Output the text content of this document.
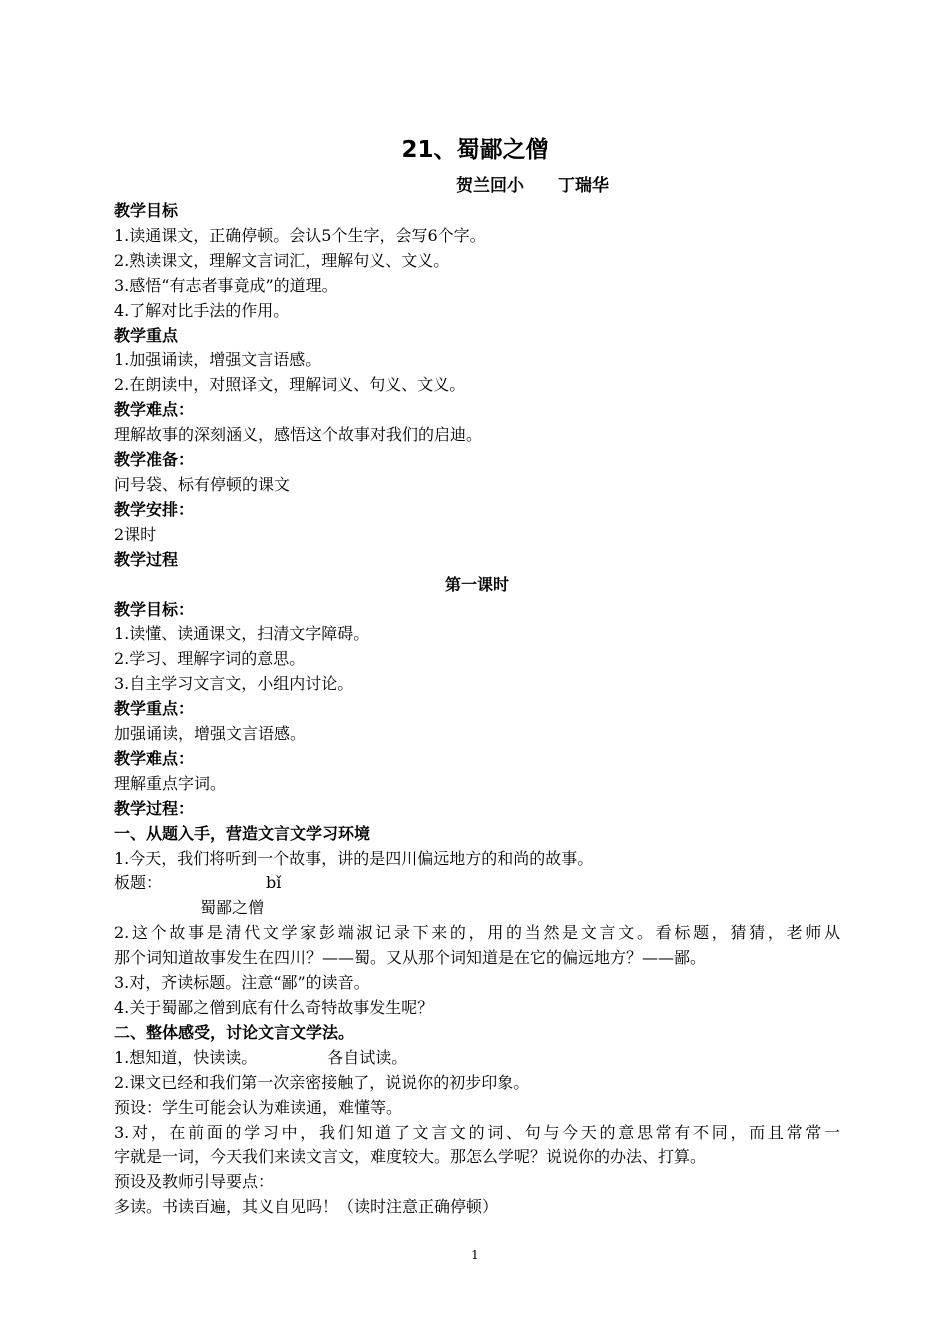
21、蜀鄙之僧
贺兰回小　　丁瑞华
教学目标
1.读通课文，正确停顿。会认5个生字，会写6个字。
2.熟读课文，理解文言词汇，理解句义、文义。
3.感悟“有志者事竟成”的道理。
4.了解对比手法的作用。
教学重点
1.加强诵读，增强文言语感。
2.在朗读中，对照译文，理解词义、句义、文义。
教学难点：
理解故事的深刻涵义，感悟这个故事对我们的启迪。
教学准备：
问号袋、标有停顿的课文
教学安排：
2课时
教学过程
第一课时
教学目标：
1.读懂、读通课文，扫清文字障碍。
2.学习、理解字词的意思。
3.自主学习文言文，小组内讨论。
教学重点：
加强诵读，增强文言语感。
教学难点：
理解重点字词。
教学过程：
一、从题入手，营造文言文学习环境
1.今天，我们将听到一个故事，讲的是四川偏远地方的和尚的故事。
板题：	bǐ
蜀鄙之僧
2.这个故事是清代文学家彭端淑记录下来的，用的当然是文言文。看标题，猜猜，老师从
那个词知道故事发生在四川？——蜀。又从那个词知道是在它的偏远地方？——鄙。
3.对，齐读标题。注意“鄙”的读音。
4.关于蜀鄙之僧到底有什么奇特故事发生呢？
二、整体感受，讨论文言文学法。
1.想知道，快读读。	各自试读。
2.课文已经和我们第一次亲密接触了，说说你的初步印象。
预设：学生可能会认为难读通，难懂等。
3.对，在前面的学习中，我们知道了文言文的词、句与今天的意思常有不同，而且常常一
字就是一词，今天我们来读文言文，难度较大。那怎么学呢？说说你的办法、打算。
预设及教师引导要点：
多读。书读百遍，其义自见吗！（读时注意正确停顿）
1
